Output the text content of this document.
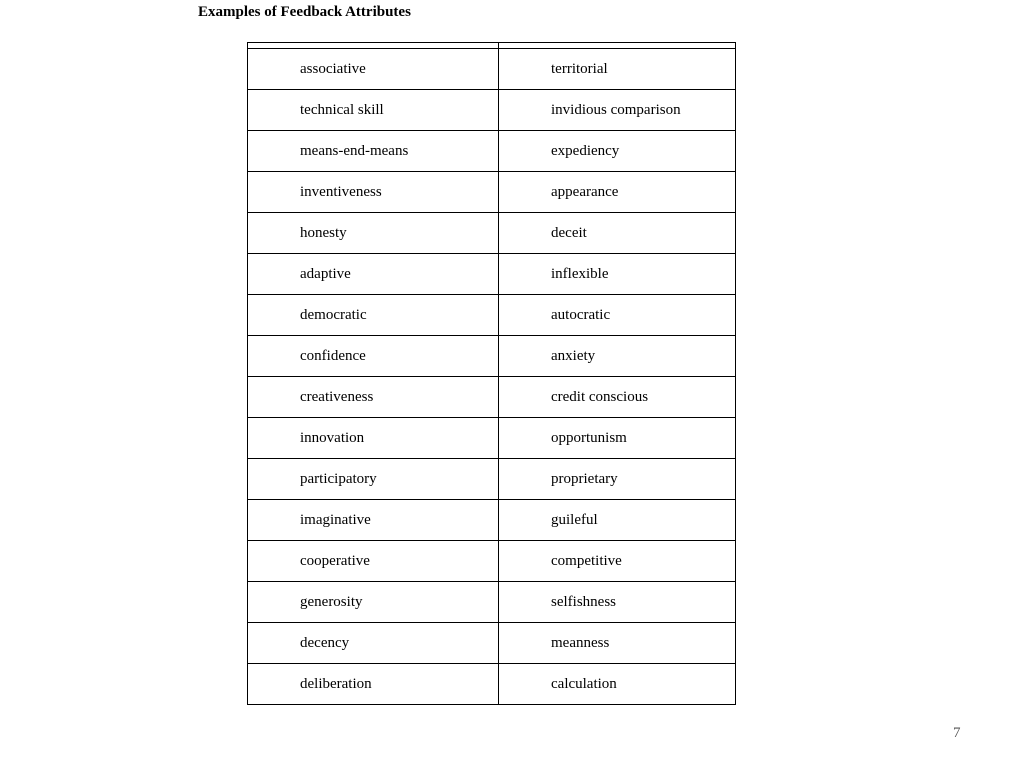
Examples of Feedback Attributes

associative	territorial
technical skill	invidious comparison
means-end-means	expediency
inventiveness	appearance
honesty	deceit
adaptive	inflexible
democratic	autocratic
confidence	anxiety
creativeness	credit conscious
innovation	opportunism
participatory	proprietary
imaginative	guileful
cooperative	competitive
generosity	selfishness
decency	meanness
deliberation	calculation
7
